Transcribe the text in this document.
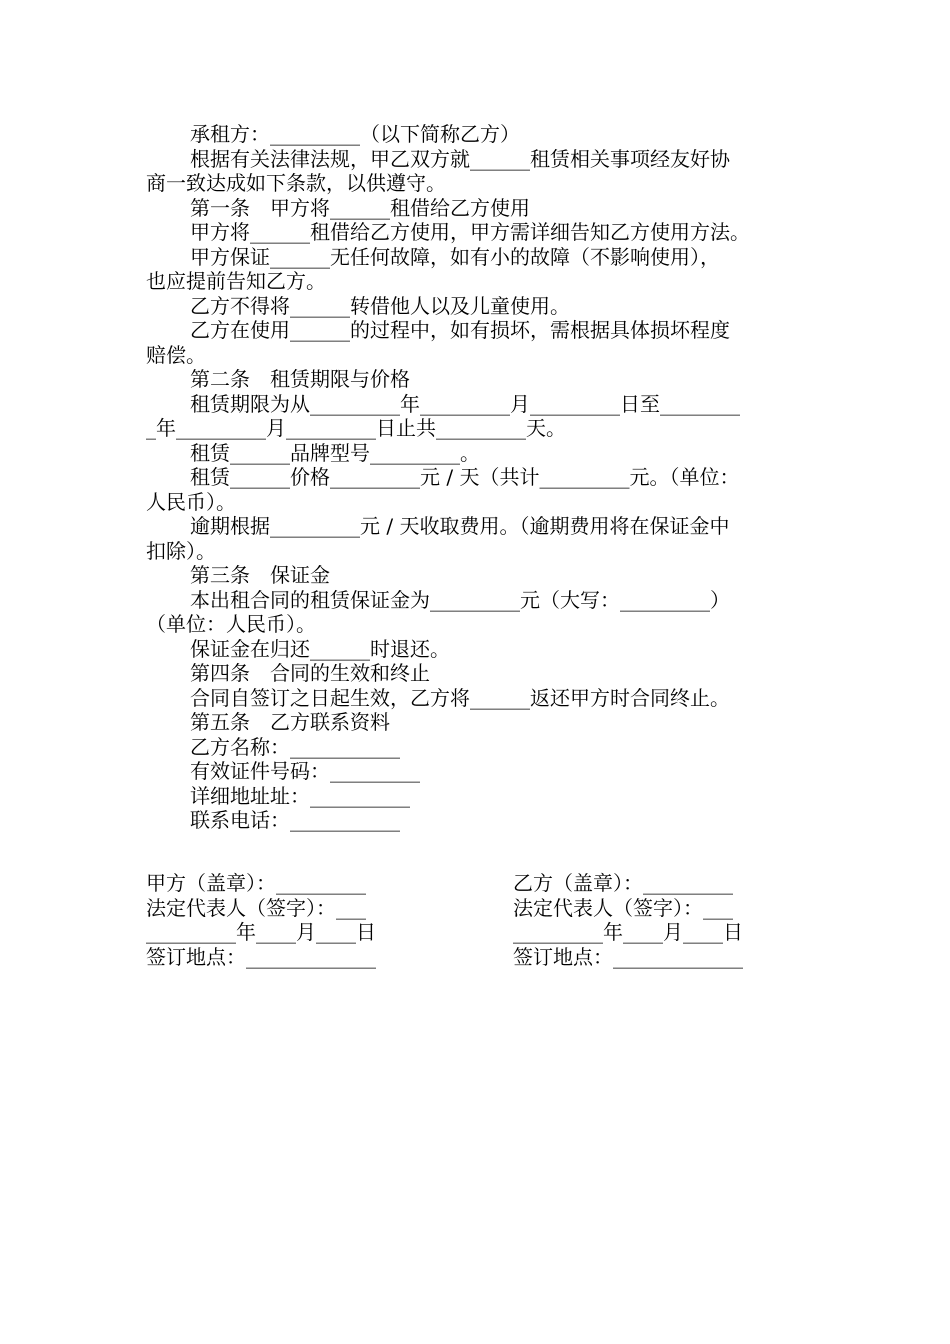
承租方：_________（以下简称乙方）
根据有关法律法规，甲乙双方就______租赁相关事项经友好协
商一致达成如下条款，以供遵守。
第一条　甲方将______租借给乙方使用
甲方将______租借给乙方使用，甲方需详细告知乙方使用方法。
甲方保证______无任何故障，如有小的故障（不影响使用），
也应提前告知乙方。
乙方不得将______转借他人以及儿童使用。
乙方在使用______的过程中，如有损坏，需根据具体损坏程度
赔偿。
第二条　租赁期限与价格
租赁期限为从_________年_________月_________日至________
_年_________月_________日止共_________天。
租赁______品牌型号_________。
租赁______价格_________元 / 天（共计_________元。（单位：
人民币）。
逾期根据_________元 / 天收取费用。（逾期费用将在保证金中
扣除）。
第三条　保证金
本出租合同的租赁保证金为_________元（大写：_________）
（单位：人民币）。
保证金在归还______时退还。
第四条　合同的生效和终止
合同自签订之日起生效，乙方将______返还甲方时合同终止。
第五条　乙方联系资料
乙方名称：___________
有效证件号码：_________
详细地址址：__________
联系电话：___________
甲方（盖章）：_________
法定代表人（签字）：___
_________年____月____日
签订地点：_____________
乙方（盖章）：_________
法定代表人（签字）：___
_________年____月____日
签订地点：_____________
